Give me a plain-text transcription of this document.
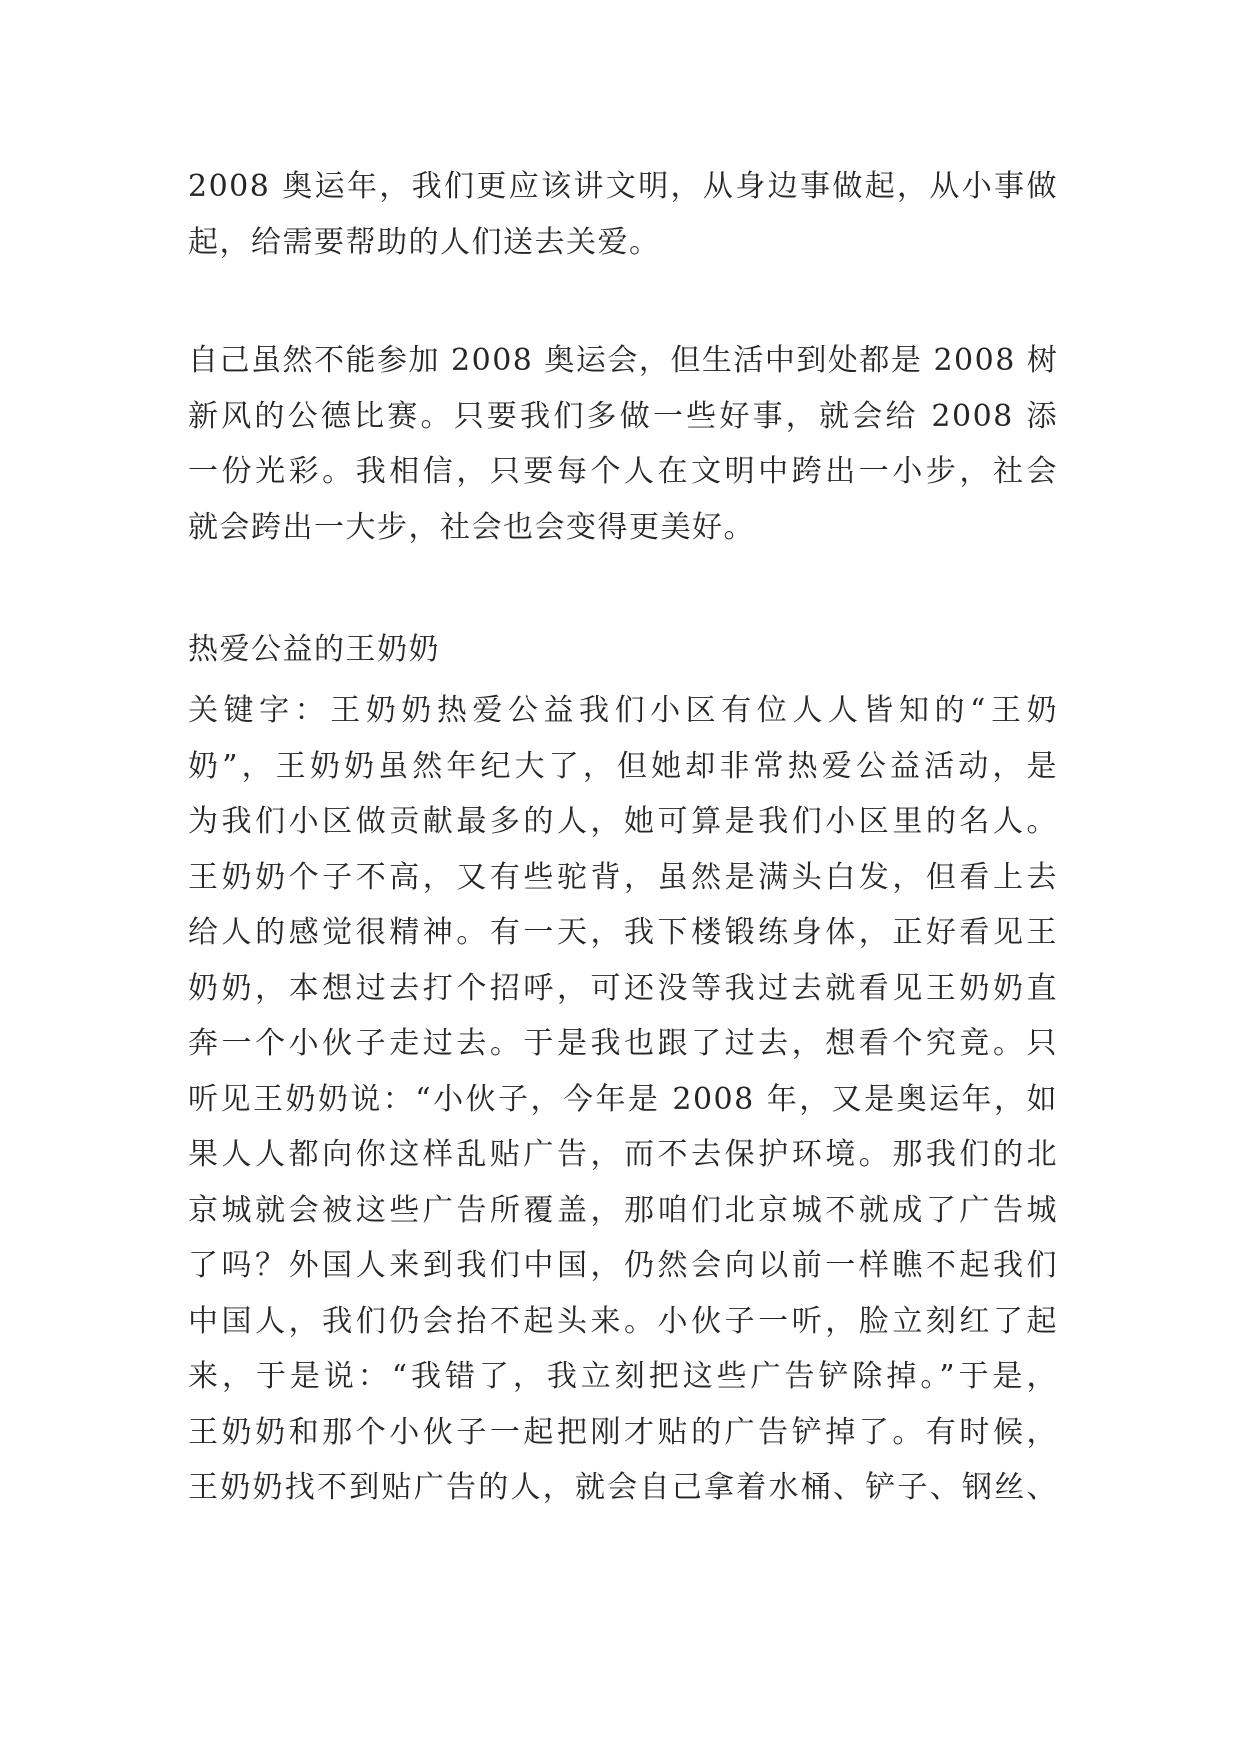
2008 奥运年，我们更应该讲文明，从身边事做起，从小事做
起，给需要帮助的人们送去关爱。
自己虽然不能参加 2008 奥运会，但生活中到处都是 2008 树
新风的公德比赛。只要我们多做一些好事，就会给 2008 添
一份光彩。我相信，只要每个人在文明中跨出一小步，社会
就会跨出一大步，社会也会变得更美好。
热爱公益的王奶奶
关键字：王奶奶热爱公益我们小区有位人人皆知的“王奶
奶”，王奶奶虽然年纪大了，但她却非常热爱公益活动，是
为我们小区做贡献最多的人，她可算是我们小区里的名人。
王奶奶个子不高，又有些驼背，虽然是满头白发，但看上去
给人的感觉很精神。有一天，我下楼锻练身体，正好看见王
奶奶，本想过去打个招呼，可还没等我过去就看见王奶奶直
奔一个小伙子走过去。于是我也跟了过去，想看个究竟。只
听见王奶奶说：“小伙子，今年是 2008 年，又是奥运年，如
果人人都向你这样乱贴广告，而不去保护环境。那我们的北
京城就会被这些广告所覆盖，那咱们北京城不就成了广告城
了吗？外国人来到我们中国，仍然会向以前一样瞧不起我们
中国人，我们仍会抬不起头来。小伙子一听，脸立刻红了起
来，于是说：“我错了，我立刻把这些广告铲除掉。”于是，
王奶奶和那个小伙子一起把刚才贴的广告铲掉了。有时候，
王奶奶找不到贴广告的人，就会自己拿着水桶、铲子、钢丝、
